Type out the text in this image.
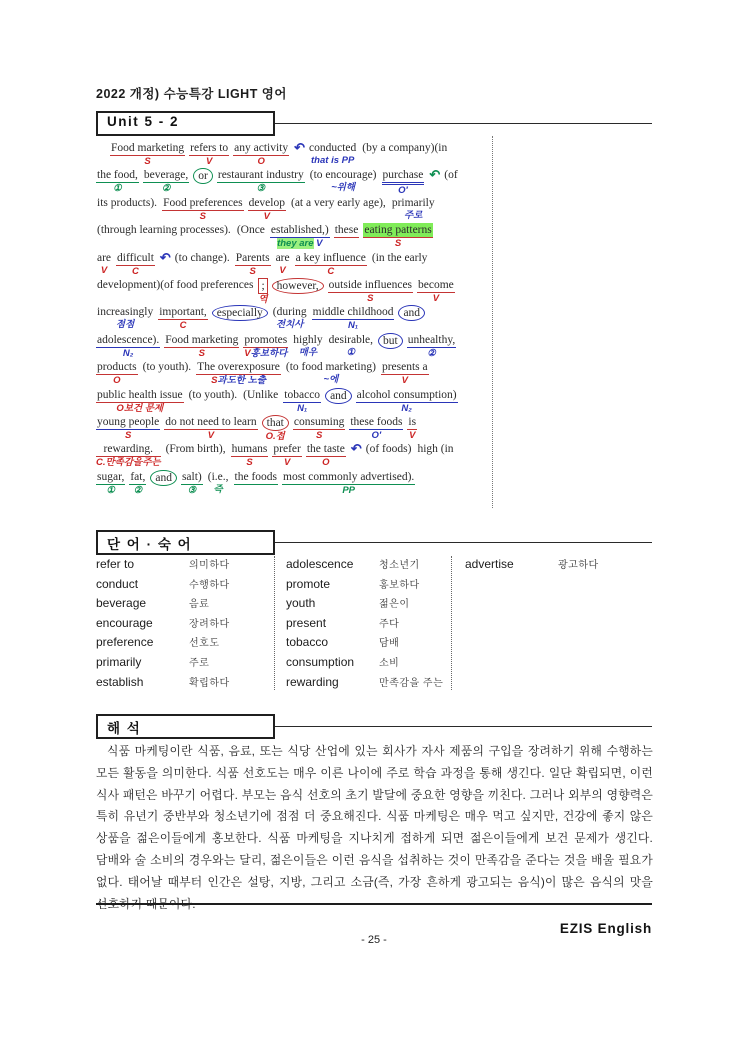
2022 개정) 수능특강 LIGHT 영어
Unit 5 - 2
Food marketing
S
refers to
V
any activity
O
↶ conducted
that is PP
(by a company)(in
the food,
①
beverage,
②
or restaurant industry
③
(to encourage)
~위해
purchase
O′
↶ (of
its products). Food preferences
S
develop
V
(at a very early age), primarily
주로
(through learning processes). (Once established,)
they are V
these eating patterns
S
are
V
difficult
C
↶ (to change). Parents
S
are
V
a key influence
C
(in the early
development)(of food preferences ;
역
however, outside influences
S
become
V
increasingly
점점
important,
C
especially (during
전치사
middle childhood
N₁
and
adolescence).
N₂
Food marketing
S
promotes
V홍보하다
highly
매우
desirable,
①
but unhealthy,
②
products
O
(to youth). The overexposure
S과도한 노출
(to food marketing)
~에
presents a
V
public health issue
O보건 문제
(to youth). (Unlike tobacco
N₁
and alcohol consumption)
N₂
young people
S
do not need to learn
V
that
O.접
consuming
S
these foods
O′
is
V
rewarding.
C.만족감을주는
(From birth), humans
S
prefer
V
the taste
O
↶ (of foods) high (in
sugar,
①
fat,
②
and salt)
③
(i.e.,
즉
the foods most commonly advertised).
PP
단 어 · 숙 어
refer to	의미하다
conduct	수행하다
beverage	음료
encourage	장려하다
preference	선호도
primarily	주로
establish	확립하다
adolescence	청소년기
promote	홍보하다
youth	젊은이
present	주다
tobacco	담배
consumption	소비
rewarding	만족감을 주는
advertise	광고하다
해 석
식품 마케팅이란 식품, 음료, 또는 식당 산업에 있는 회사가 자사 제품의 구입을 장려하기 위해 수행하는 모든 활동을 의미한다. 식품 선호도는 매우 이른 나이에 주로 학습 과정을 통해 생긴다. 일단 확립되면, 이런 식사 패턴은 바꾸기 어렵다. 부모는 음식 선호의 초기 발달에 중요한 영향을 끼친다. 그러나 외부의 영향력은 특히 유년기 중반부와 청소년기에 점점 더 중요해진다. 식품 마케팅은 매우 먹고 싶지만, 건강에 좋지 않은 상품을 젊은이들에게 홍보한다. 식품 마케팅을 지나치게 접하게 되면 젊은이들에게 보건 문제가 생긴다. 담배와 술 소비의 경우와는 달리, 젊은이들은 이런 음식을 섭취하는 것이 만족감을 준다는 것을 배울 필요가 없다. 태어날 때부터 인간은 설탕, 지방, 그리고 소금(즉, 가장 흔하게 광고되는 음식)이 많은 음식의 맛을 선호하기 때문이다.
EZIS English
- 25 -
